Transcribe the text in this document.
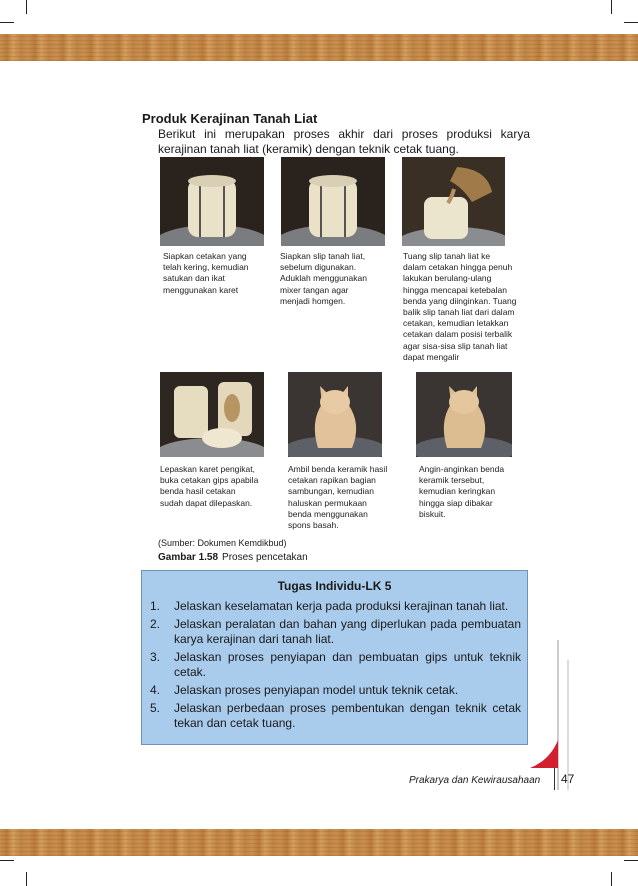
Produk Kerajinan Tanah Liat
Berikut ini merupakan proses akhir dari proses produksi karya kerajinan tanah liat (keramik) dengan teknik cetak tuang.
Siapkan cetakan yang
telah kering, kemudian
satukan dan ikat
menggunakan karet
Siapkan slip tanah liat,
sebelum digunakan.
Aduklah menggunakan
mixer tangan agar
menjadi homgen.
Tuang slip tanah liat ke
dalam cetakan hingga penuh
lakukan berulang-ulang
hingga mencapai ketebalan
benda yang diinginkan. Tuang
balik slip tanah liat dari dalam
cetakan, kemudian letakkan
cetakan dalam posisi terbalik
agar sisa-sisa slip tanah liat
dapat mengalir
Lepaskan karet pengikat,
buka cetakan gips apabila
benda hasil cetakan
sudah dapat dilepaskan.
Ambil benda keramik hasil
cetakan rapikan bagian
sambungan, kemudian
haluskan permukaan
benda menggunakan
spons basah.
Angin-anginkan benda
keramik tersebut,
kemudian keringkan
hingga siap dibakar
biskuit.
(Sumber: Dokumen Kemdikbud)
Gambar 1.58 Proses pencetakan
Tugas Individu-LK 5
1. Jelaskan keselamatan kerja pada produksi kerajinan tanah liat.
2. Jelaskan peralatan dan bahan yang diperlukan pada pembuatan karya kerajinan dari tanah liat.
3. Jelaskan proses penyiapan dan pembuatan gips untuk teknik cetak.
4. Jelaskan proses penyiapan model untuk teknik cetak.
5. Jelaskan perbedaan proses pembentukan dengan teknik cetak tekan dan cetak tuang.
Prakarya dan Kewirausahaan 47
